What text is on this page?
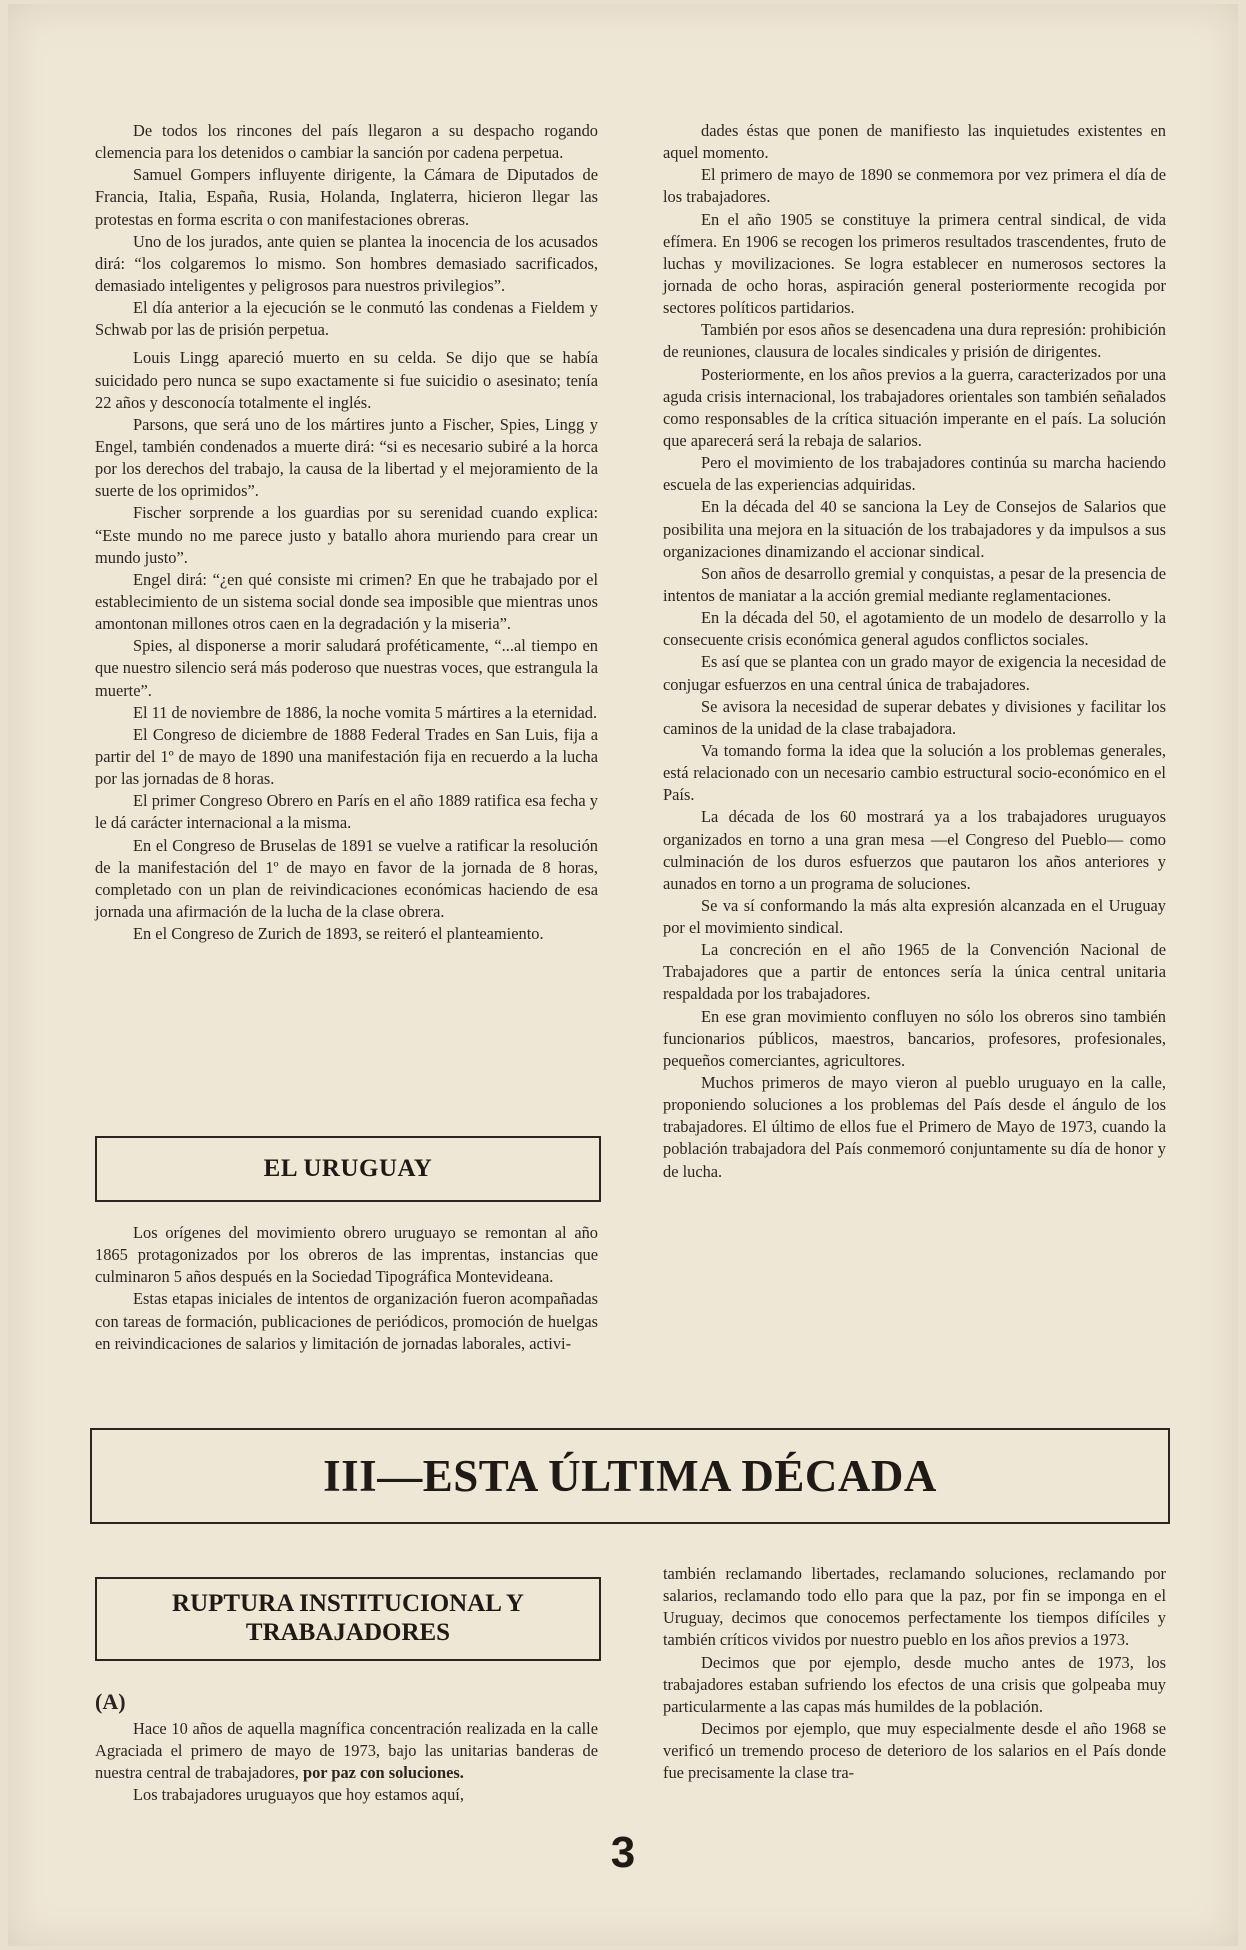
De todos los rincones del país llegaron a su despacho rogando clemencia para los detenidos o cambiar la sanción por cadena perpetua.

Samuel Gompers influyente dirigente, la Cámara de Diputados de Francia, Italia, España, Rusia, Holanda, Inglaterra, hicieron llegar las protestas en forma escrita o con manifestaciones obreras.

Uno de los jurados, ante quien se plantea la inocencia de los acusados dirá: “los colgaremos lo mismo. Son hombres demasiado sacrificados, demasiado inteligentes y peligrosos para nuestros privilegios”.

El día anterior a la ejecución se le conmutó las condenas a Fieldem y Schwab por las de prisión perpetua.

Louis Lingg apareció muerto en su celda. Se dijo que se había suicidado pero nunca se supo exactamente si fue suicidio o asesinato; tenía 22 años y desconocía totalmente el inglés.

Parsons, que será uno de los mártires junto a Fischer, Spies, Lingg y Engel, también condenados a muerte dirá: “si es necesario subiré a la horca por los derechos del trabajo, la causa de la libertad y el mejoramiento de la suerte de los oprimidos”.

Fischer sorprende a los guardias por su serenidad cuando explica: “Este mundo no me parece justo y batallo ahora muriendo para crear un mundo justo”.

Engel dirá: “¿en qué consiste mi crimen? En que he trabajado por el establecimiento de un sistema social donde sea imposible que mientras unos amontonan millones otros caen en la degradación y la miseria”.

Spies, al disponerse a morir saludará proféticamente, “...al tiempo en que nuestro silencio será más poderoso que nuestras voces, que estrangula la muerte”.

El 11 de noviembre de 1886, la noche vomita 5 mártires a la eternidad.

El Congreso de diciembre de 1888 Federal Trades en San Luis, fija a partir del 1º de mayo de 1890 una manifestación fija en recuerdo a la lucha por las jornadas de 8 horas.

El primer Congreso Obrero en París en el año 1889 ratifica esa fecha y le dá carácter internacional a la misma.

En el Congreso de Bruselas de 1891 se vuelve a ratificar la resolución de la manifestación del 1º de mayo en favor de la jornada de 8 horas, completado con un plan de reivindicaciones económicas haciendo de esa jornada una afirmación de la lucha de la clase obrera.

En el Congreso de Zurich de 1893, se reiteró el planteamiento.

EL URUGUAY

Los orígenes del movimiento obrero uruguayo se remontan al año 1865 protagonizados por los obreros de las imprentas, instancias que culminaron 5 años después en la Sociedad Tipográfica Montevideana.

Estas etapas iniciales de intentos de organización fueron acompañadas con tareas de formación, publicaciones de periódicos, promoción de huelgas en reivindicaciones de salarios y limitación de jornadas laborales, activi-

dades éstas que ponen de manifiesto las inquietudes existentes en aquel momento.

El primero de mayo de 1890 se conmemora por vez primera el día de los trabajadores.

En el año 1905 se constituye la primera central sindical, de vida efímera. En 1906 se recogen los primeros resultados trascendentes, fruto de luchas y movilizaciones. Se logra establecer en numerosos sectores la jornada de ocho horas, aspiración general posteriormente recogida por sectores políticos partidarios.

También por esos años se desencadena una dura represión: prohibición de reuniones, clausura de locales sindicales y prisión de dirigentes.

Posteriormente, en los años previos a la guerra, caracterizados por una aguda crisis internacional, los trabajadores orientales son también señalados como responsables de la crítica situación imperante en el país. La solución que aparecerá será la rebaja de salarios.

Pero el movimiento de los trabajadores continúa su marcha haciendo escuela de las experiencias adquiridas.

En la década del 40 se sanciona la Ley de Consejos de Salarios que posibilita una mejora en la situación de los trabajadores y da impulsos a sus organizaciones dinamizando el accionar sindical.

Son años de desarrollo gremial y conquistas, a pesar de la presencia de intentos de maniatar a la acción gremial mediante reglamentaciones.

En la década del 50, el agotamiento de un modelo de desarrollo y la consecuente crisis económica general agudos conflictos sociales.

Es así que se plantea con un grado mayor de exigencia la necesidad de conjugar esfuerzos en una central única de trabajadores.

Se avisora la necesidad de superar debates y divisiones y facilitar los caminos de la unidad de la clase trabajadora.

Va tomando forma la idea que la solución a los problemas generales, está relacionado con un necesario cambio estructural socio-económico en el País.

La década de los 60 mostrará ya a los trabajadores uruguayos organizados en torno a una gran mesa —el Congreso del Pueblo— como culminación de los duros esfuerzos que pautaron los años anteriores y aunados en torno a un programa de soluciones.

Se va sí conformando la más alta expresión alcanzada en el Uruguay por el movimiento sindical.

La concreción en el año 1965 de la Convención Nacional de Trabajadores que a partir de entonces sería la única central unitaria respaldada por los trabajadores.

En ese gran movimiento confluyen no sólo los obreros sino también funcionarios públicos, maestros, bancarios, profesores, profesionales, pequeños comerciantes, agricultores.

Muchos primeros de mayo vieron al pueblo uruguayo en la calle, proponiendo soluciones a los problemas del País desde el ángulo de los trabajadores. El último de ellos fue el Primero de Mayo de 1973, cuando la población trabajadora del País conmemoró conjuntamente su día de honor y de lucha.

III—ESTA ÚLTIMA DÉCADA
RUPTURA INSTITUCIONAL Y TRABAJADORES
(A)

Hace 10 años de aquella magnífica concentración realizada en la calle Agraciada el primero de mayo de 1973, bajo las unitarias banderas de nuestra central de trabajadores, por paz con soluciones.

Los trabajadores uruguayos que hoy estamos aquí,

también reclamando libertades, reclamando soluciones, reclamando por salarios, reclamando todo ello para que la paz, por fin se imponga en el Uruguay, decimos que conocemos perfectamente los tiempos difíciles y también críticos vividos por nuestro pueblo en los años previos a 1973.

Decimos que por ejemplo, desde mucho antes de 1973, los trabajadores estaban sufriendo los efectos de una crisis que golpeaba muy particularmente a las capas más humildes de la población.

Decimos por ejemplo, que muy especialmente desde el año 1968 se verificó un tremendo proceso de deterioro de los salarios en el País donde fue precisamente la clase tra-

3
